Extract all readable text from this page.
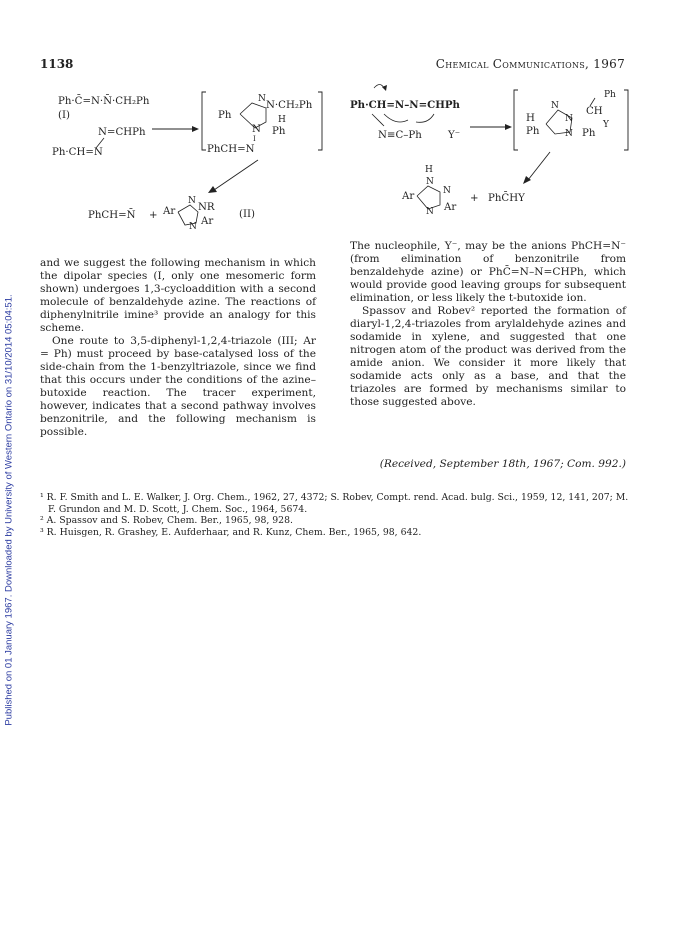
Published on 01 January 1967. Downloaded by University of Western Ontario on 31/10/2014 05:04:51.
1138	Chemical Communications, 1967
Ph·C̄=N·N̄·CH₂Ph
(I)
N=CHPh
Ph·CH=N
Ph
N
N·CH₂Ph
H
N
I
Ph
PhCH=N
PhCH=N̄ + Ar
N
NR
N Ar
(II)
Ph·CH=N–N=CHPh
N≡C–Ph	Y⁻
Ph
H
N
N
CH
Y
Ph	N Ph
H
N
N
Ar
N Ar
+ PhC̄HY

and we suggest the following mechanism in which the dipolar species (I, only one mesomeric form shown) undergoes 1,3-cycloaddition with a second molecule of benzaldehyde azine. The reactions of diphenylnitrile imine³ provide an analogy for this scheme.

One route to 3,5-diphenyl-1,2,4-triazole (III; Ar = Ph) must proceed by base-catalysed loss of the side-chain from the 1-benzyltriazole, since we find that this occurs under the conditions of the azine–butoxide reaction. The tracer experiment, however, indicates that a second pathway involves benzonitrile, and the following mechanism is possible.

The nucleophile, Y⁻, may be the anions PhCH=N⁻ (from elimination of benzonitrile from benzaldehyde azine) or PhC̄=N–N=CHPh, which would provide good leaving groups for subsequent elimination, or less likely the t-butoxide ion.

Spassov and Robev² reported the formation of diaryl-1,2,4-triazoles from arylaldehyde azines and sodamide in xylene, and suggested that one nitrogen atom of the product was derived from the amide anion. We consider it more likely that sodamide acts only as a base, and that the triazoles are formed by mechanisms similar to those suggested above.

(Received, September 18th, 1967; Com. 992.)
¹ R. F. Smith and L. E. Walker, J. Org. Chem., 1962, 27, 4372; S. Robev, Compt. rend. Acad. bulg. Sci., 1959, 12, 141, 207; M. F. Grundon and M. D. Scott, J. Chem. Soc., 1964, 5674.
² A. Spassov and S. Robev, Chem. Ber., 1965, 98, 928.
³ R. Huisgen, R. Grashey, E. Aufderhaar, and R. Kunz, Chem. Ber., 1965, 98, 642.
